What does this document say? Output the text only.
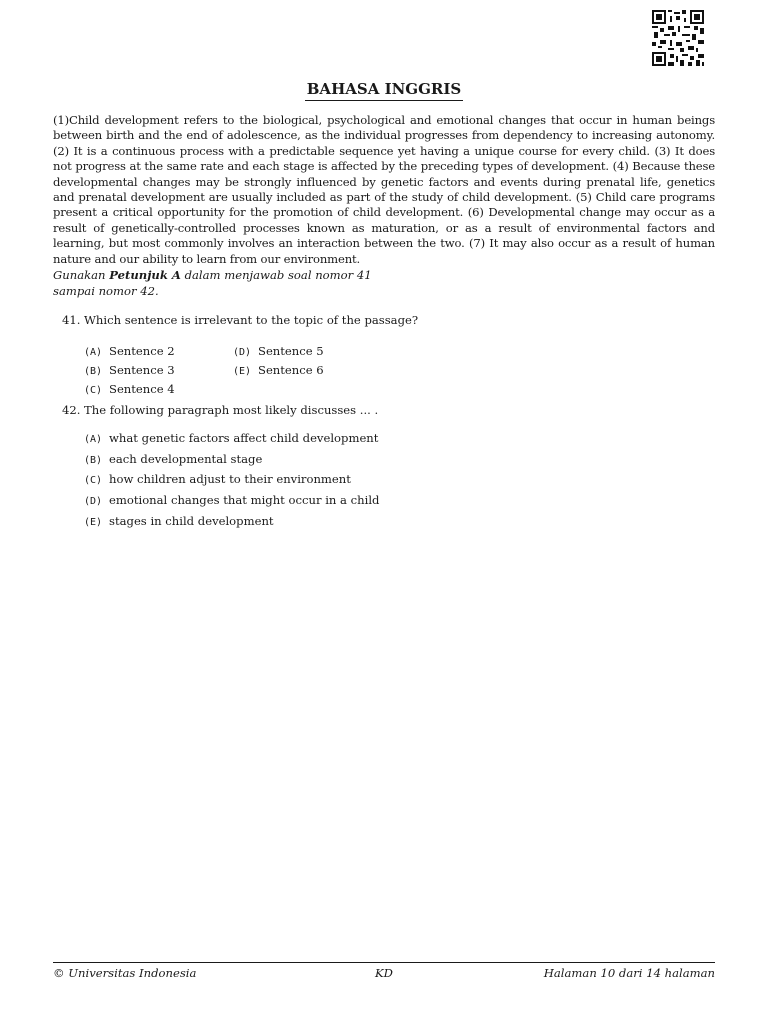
BAHASA INGGRIS

(1)Child development refers to the biological, psychological and emotional changes that occur in human beings between birth and the end of adolescence, as the individual progresses from dependency to increasing autonomy. (2) It is a continuous process with a predictable sequence yet having a unique course for every child. (3) It does not progress at the same rate and each stage is affected by the preceding types of development. (4) Because these developmental changes may be strongly influenced by genetic factors and events during prenatal life, genetics and prenatal development are usually included as part of the study of child development. (5) Child care programs present a critical opportunity for the promotion of child development. (6) Developmental change may occur as a result of genetically-controlled processes known as maturation, or as a result of environmental factors and learning, but most commonly involves an interaction between the two. (7) It may also occur as a result of human nature and our ability to learn from our environment.

Gunakan Petunjuk A dalam menjawab soal nomor 41 sampai nomor 42.

41. Which sentence is irrelevant to the topic of the passage?
(A) Sentence 2
(B) Sentence 3
(C) Sentence 4
(D) Sentence 5
(E) Sentence 6
42. The following paragraph most likely discusses ... .
(A) what genetic factors affect child development
(B) each developmental stage
(C) how children adjust to their environment
(D) emotional changes that might occur in a child
(E) stages in child development
© Universitas Indonesia	KD	Halaman 10 dari 14 halaman
